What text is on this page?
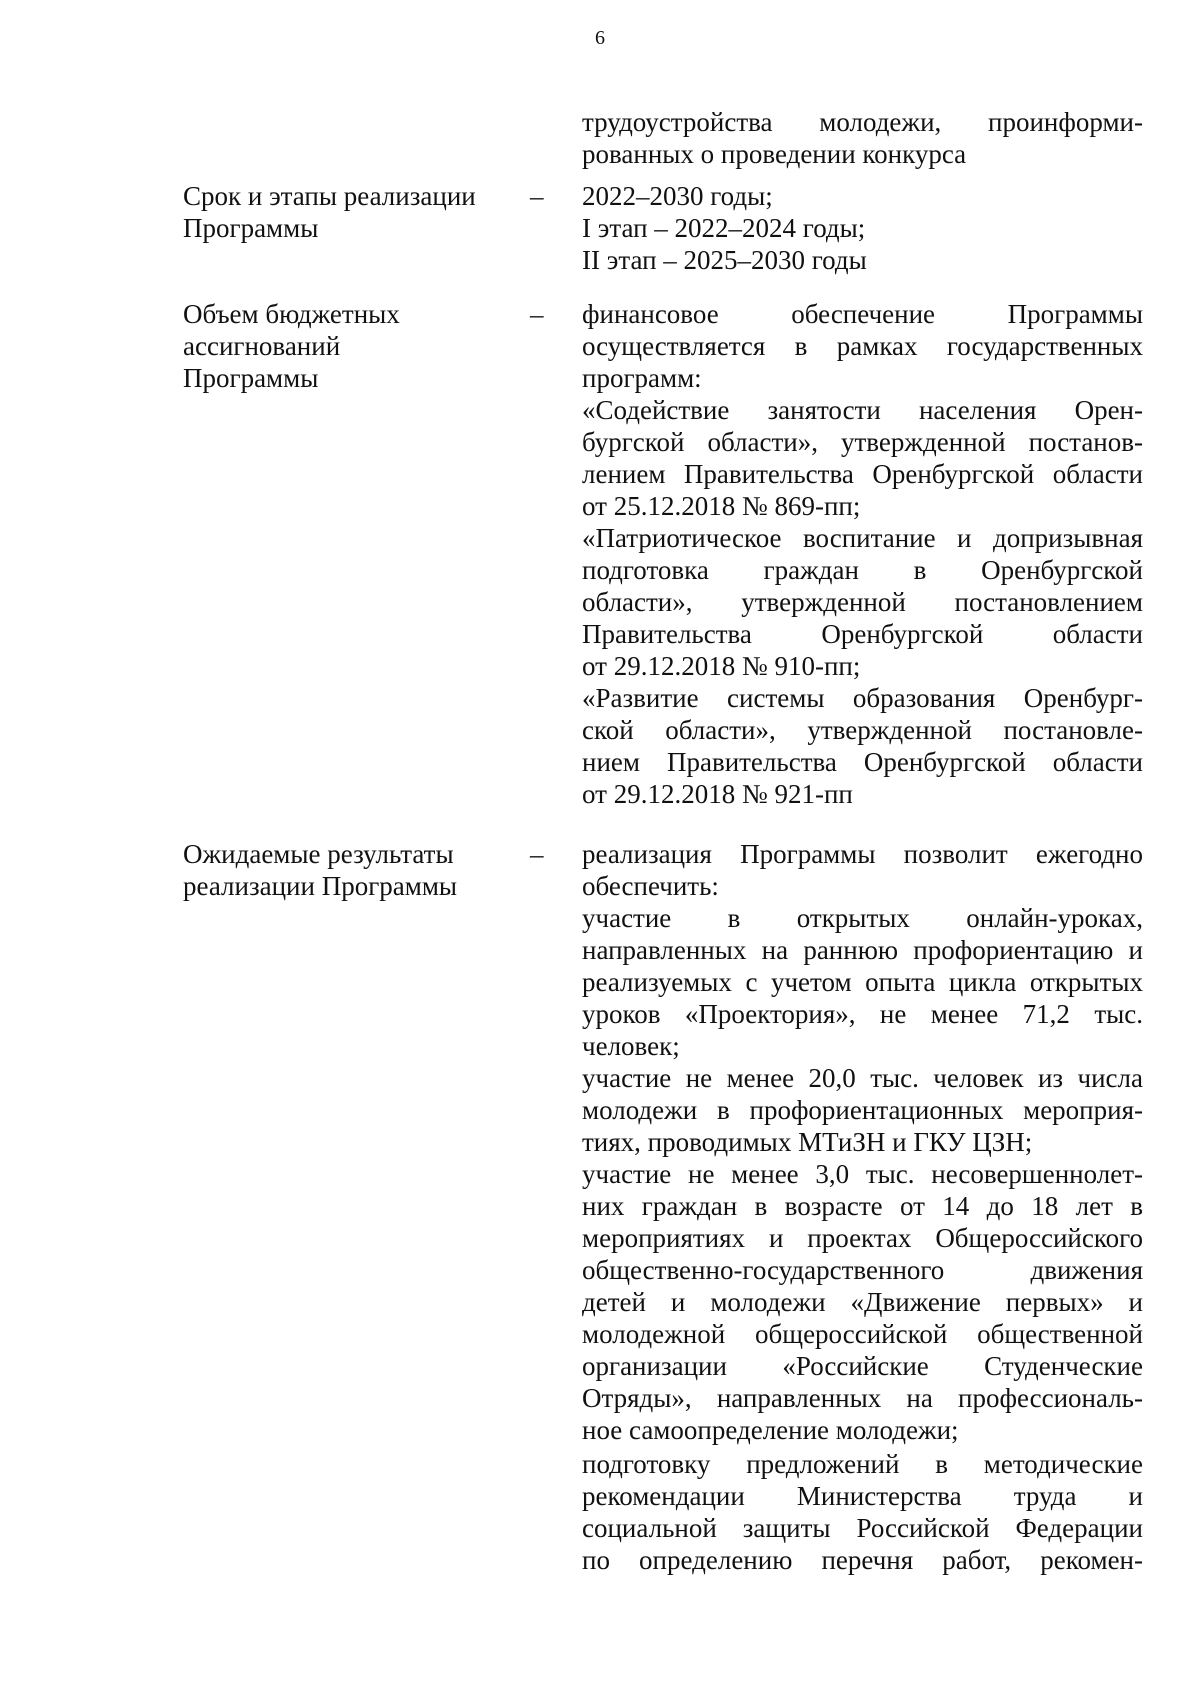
6
трудоустройства молодежи, проинформи-
рованных о проведении конкурса
Срок и этапы реализации
Программы
– 2022–2030 годы;
I этап – 2022–2024 годы;
II этап – 2025–2030 годы
Объем бюджетных
ассигнований
Программы
– финансовое обеспечение Программы
осуществляется в рамках государственных
программ:
«Содействие занятости населения Орен-
бургской области», утвержденной постанов-
лением Правительства Оренбургской области
от 25.12.2018 № 869-пп;
«Патриотическое воспитание и допризывная
подготовка граждан в Оренбургской
области», утвержденной постановлением
Правительства Оренбургской области
от 29.12.2018 № 910-пп;
«Развитие системы образования Оренбург-
ской области», утвержденной постановле-
нием Правительства Оренбургской области
от 29.12.2018 № 921-пп
Ожидаемые результаты
реализации Программы
– реализация Программы позволит ежегодно
обеспечить:
участие в открытых онлайн-уроках,
направленных на раннюю профориентацию и
реализуемых с учетом опыта цикла открытых
уроков «Проектория», не менее 71,2 тыс.
человек;
участие не менее 20,0 тыс. человек из числа
молодежи в профориентационных мероприя-
тиях, проводимых МТиЗН и ГКУ ЦЗН;
участие не менее 3,0 тыс. несовершеннолет-
них граждан в возрасте от 14 до 18 лет в
мероприятиях и проектах Общероссийского
общественно-государственного движения
детей и молодежи «Движение первых» и
молодежной общероссийской общественной
организации «Российские Студенческие
Отряды», направленных на профессиональ-
ное самоопределение молодежи;
подготовку предложений в методические
рекомендации Министерства труда и
социальной защиты Российской Федерации
по определению перечня работ, рекомен-
